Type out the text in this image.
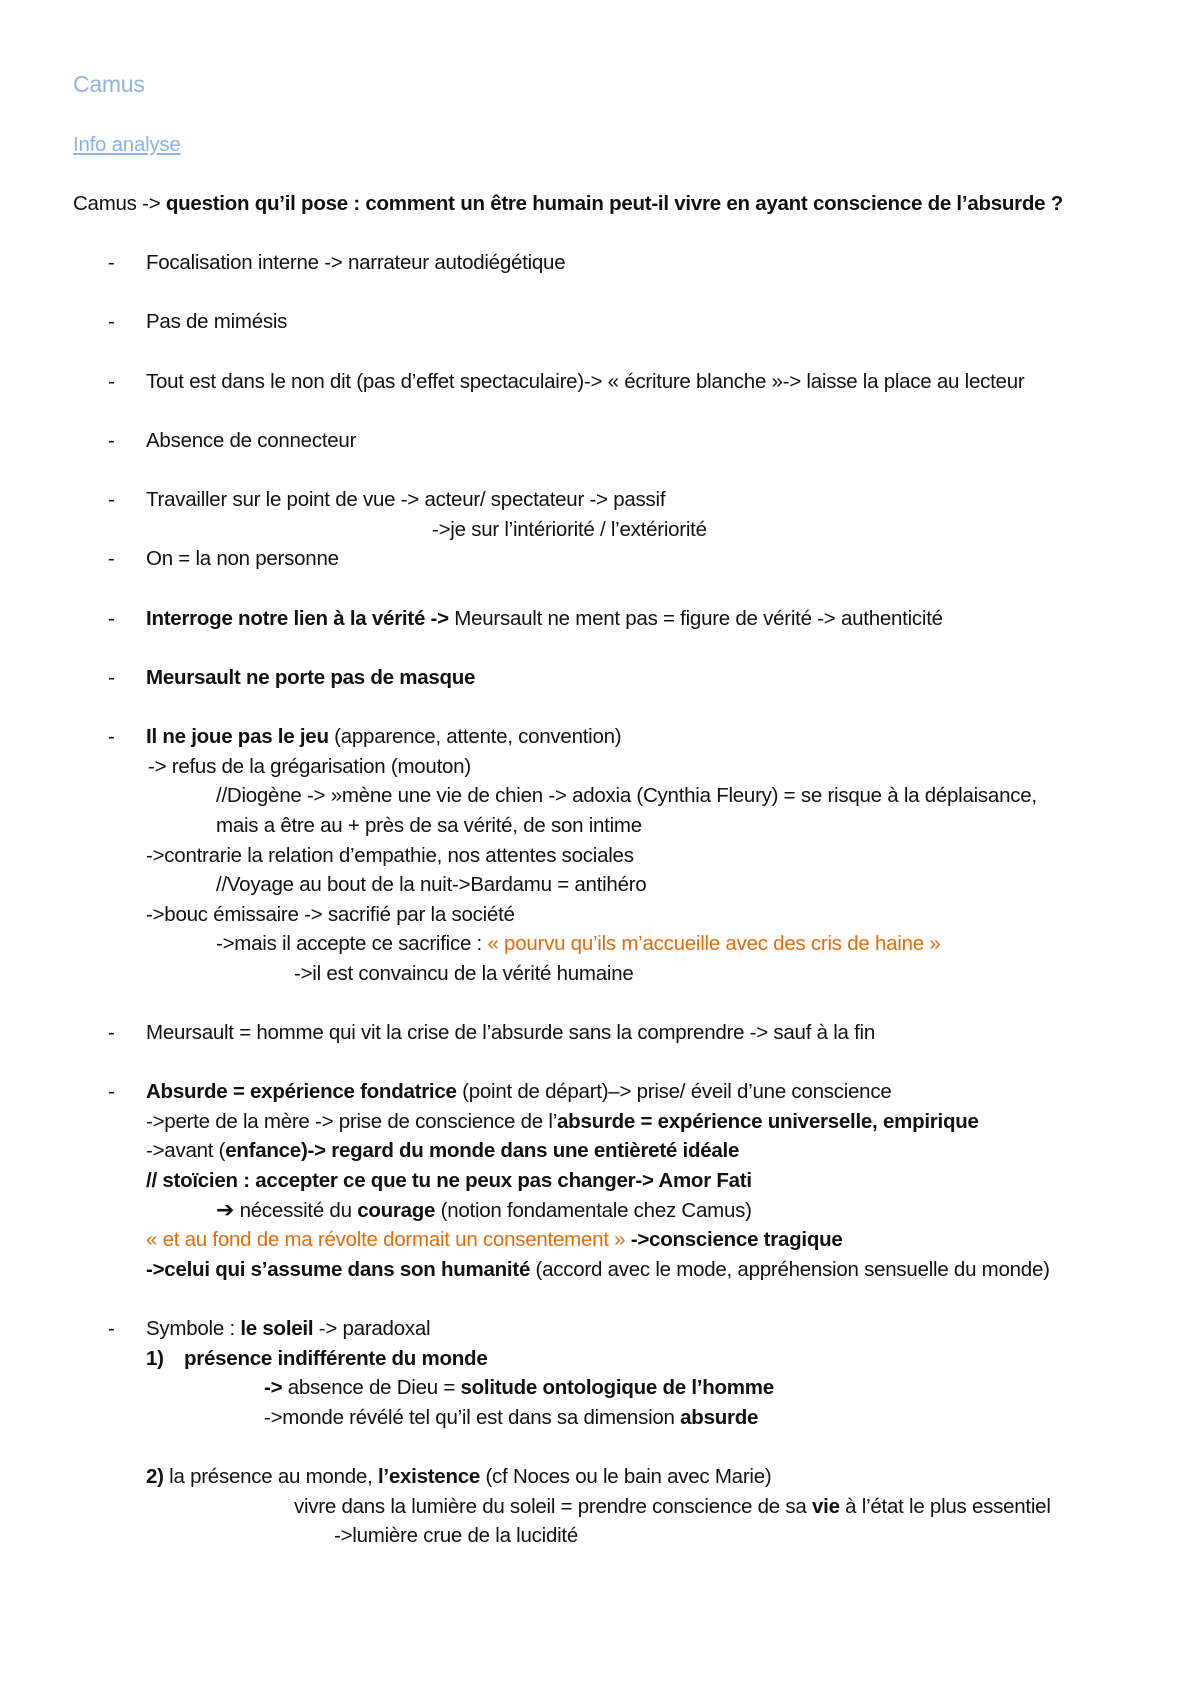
Camus
Info analyse
Camus -> question qu’il pose : comment un être humain peut-il vivre en ayant conscience de l’absurde ?
- Focalisation interne -> narrateur autodiégétique
- Pas de mimésis
- Tout est dans le non dit (pas d’effet spectaculaire)-> « écriture blanche »-> laisse la place au lecteur
- Absence de connecteur
- Travailler sur le point de vue -> acteur/ spectateur -> passif
->je sur l’intériorité / l’extériorité
- On = la non personne
- Interroge notre lien à la vérité -> Meursault ne ment pas = figure de vérité -> authenticité
- Meursault ne porte pas de masque
- Il ne joue pas le jeu (apparence, attente, convention)
-> refus de la grégarisation (mouton)
//Diogène -> »mène une vie de chien -> adoxia (Cynthia Fleury) = se risque à la déplaisance,
mais a être au + près de sa vérité, de son intime
->contrarie la relation d’empathie, nos attentes sociales
//Voyage au bout de la nuit->Bardamu = antihéro
->bouc émissaire -> sacrifié par la société
->mais il accepte ce sacrifice : « pourvu qu’ils m’accueille avec des cris de haine »
->il est convaincu de la vérité humaine
- Meursault = homme qui vit la crise de l’absurde sans la comprendre -> sauf à la fin
- Absurde = expérience fondatrice (point de départ)–> prise/ éveil d’une conscience
->perte de la mère -> prise de conscience de l’absurde = expérience universelle, empirique
->avant (enfance)-> regard du monde dans une entièreté idéale
// stoïcien : accepter ce que tu ne peux pas changer-> Amor Fati
➔ nécessité du courage (notion fondamentale chez Camus)
« et au fond de ma révolte dormait un consentement » ->conscience tragique
->celui qui s’assume dans son humanité (accord avec le mode, appréhension sensuelle du monde)
- Symbole : le soleil -> paradoxal
1) présence indifférente du monde
-> absence de Dieu = solitude ontologique de l’homme
->monde révélé tel qu’il est dans sa dimension absurde
2) la présence au monde, l’existence (cf Noces ou le bain avec Marie)
vivre dans la lumière du soleil = prendre conscience de sa vie à l’état le plus essentiel
->lumière crue de la lucidité
